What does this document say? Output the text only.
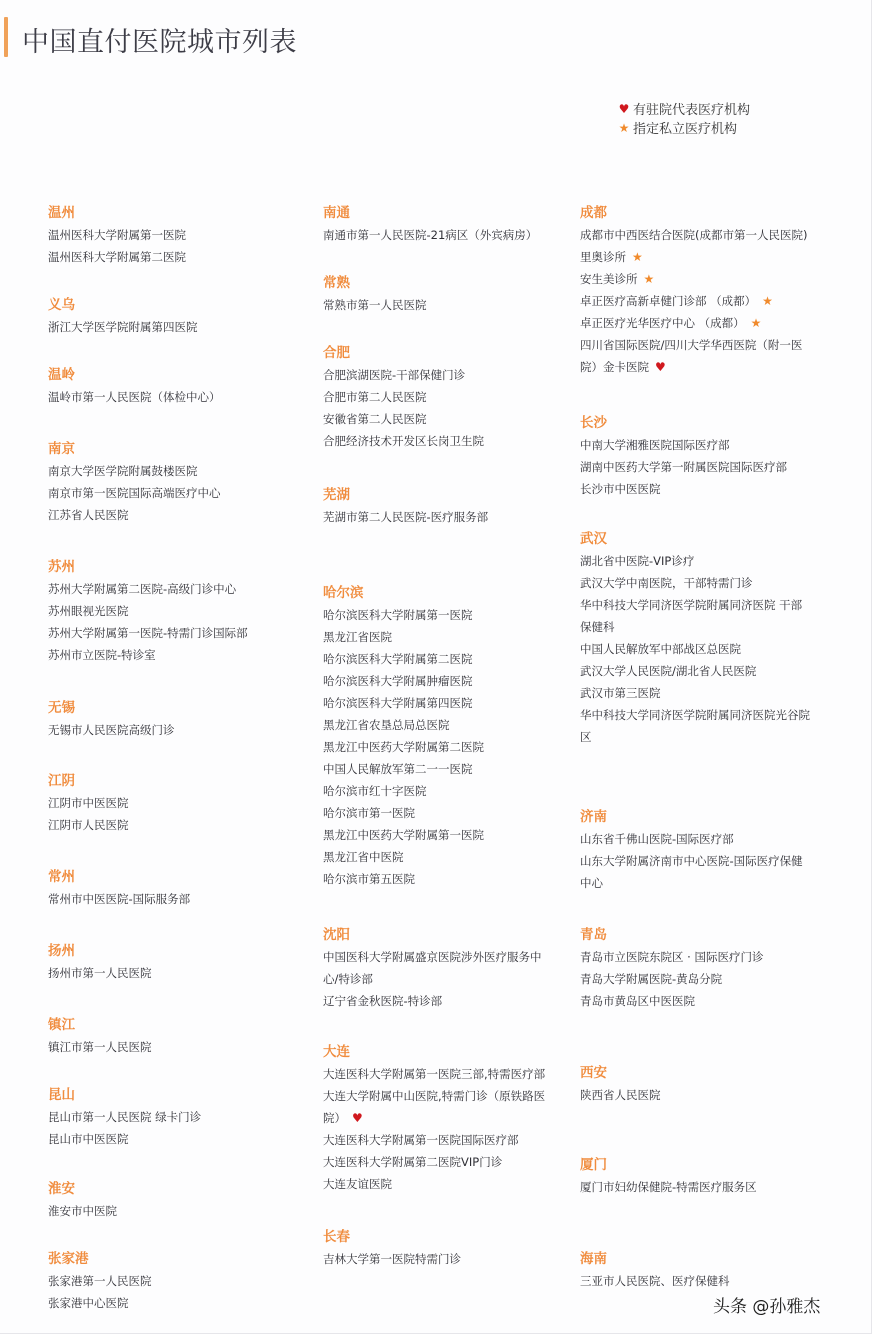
中国直付医院城市列表
♥ 有驻院代表医疗机构
★ 指定私立医疗机构
温州
温州医科大学附属第一医院
温州医科大学附属第二医院
义乌
浙江大学医学院附属第四医院
温岭
温岭市第一人民医院（体检中心）
南京
南京大学医学院附属鼓楼医院
南京市第一医院国际高端医疗中心
江苏省人民医院
苏州
苏州大学附属第二医院-高级门诊中心
苏州眼视光医院
苏州大学附属第一医院-特需门诊国际部
苏州市立医院-特诊室
无锡
无锡市人民医院高级门诊
江阴
江阴市中医医院
江阴市人民医院
常州
常州市中医医院-国际服务部
扬州
扬州市第一人民医院
镇江
镇江市第一人民医院
昆山
昆山市第一人民医院 绿卡门诊
昆山市中医医院
淮安
淮安市中医院
张家港
张家港第一人民医院
张家港中心医院
南通
南通市第一人民医院-21病区（外宾病房）
常熟
常熟市第一人民医院
合肥
合肥滨湖医院-干部保健门诊
合肥市第二人民医院
安徽省第二人民医院
合肥经济技术开发区长岗卫生院
芜湖
芜湖市第二人民医院-医疗服务部
哈尔滨
哈尔滨医科大学附属第一医院
黑龙江省医院
哈尔滨医科大学附属第二医院
哈尔滨医科大学附属肿瘤医院
哈尔滨医科大学附属第四医院
黑龙江省农垦总局总医院
黑龙江中医药大学附属第二医院
中国人民解放军第二一一医院
哈尔滨市红十字医院
哈尔滨市第一医院
黑龙江中医药大学附属第一医院
黑龙江省中医院
哈尔滨市第五医院
沈阳
中国医科大学附属盛京医院涉外医疗服务中
心/特诊部
辽宁省金秋医院-特诊部
大连
大连医科大学附属第一医院三部,特需医疗部
大连大学附属中山医院,特需门诊（原铁路医
院） ♥
大连医科大学附属第一医院国际医疗部
大连医科大学附属第二医院VIP门诊
大连友谊医院
长春
吉林大学第一医院特需门诊
成都
成都市中西医结合医院(成都市第一人民医院)
里奥诊所 ★
安生美诊所 ★
卓正医疗高新卓健门诊部 （成都） ★
卓正医疗光华医疗中心 （成都） ★
四川省国际医院/四川大学华西医院（附一医
院）金卡医院 ♥
长沙
中南大学湘雅医院国际医疗部
湖南中医药大学第一附属医院国际医疗部
长沙市中医医院
武汉
湖北省中医院-VIP诊疗
武汉大学中南医院，干部特需门诊
华中科技大学同济医学院附属同济医院 干部
保健科
中国人民解放军中部战区总医院
武汉大学人民医院/湖北省人民医院
武汉市第三医院
华中科技大学同济医学院附属同济医院光谷院
区
济南
山东省千佛山医院-国际医疗部
山东大学附属济南市中心医院-国际医疗保健
中心
青岛
青岛市立医院东院区 · 国际医疗门诊
青岛大学附属医院-黄岛分院
青岛市黄岛区中医医院
西安
陕西省人民医院
厦门
厦门市妇幼保健院-特需医疗服务区
海南
三亚市人民医院、医疗保健科
头条 @孙雅杰
